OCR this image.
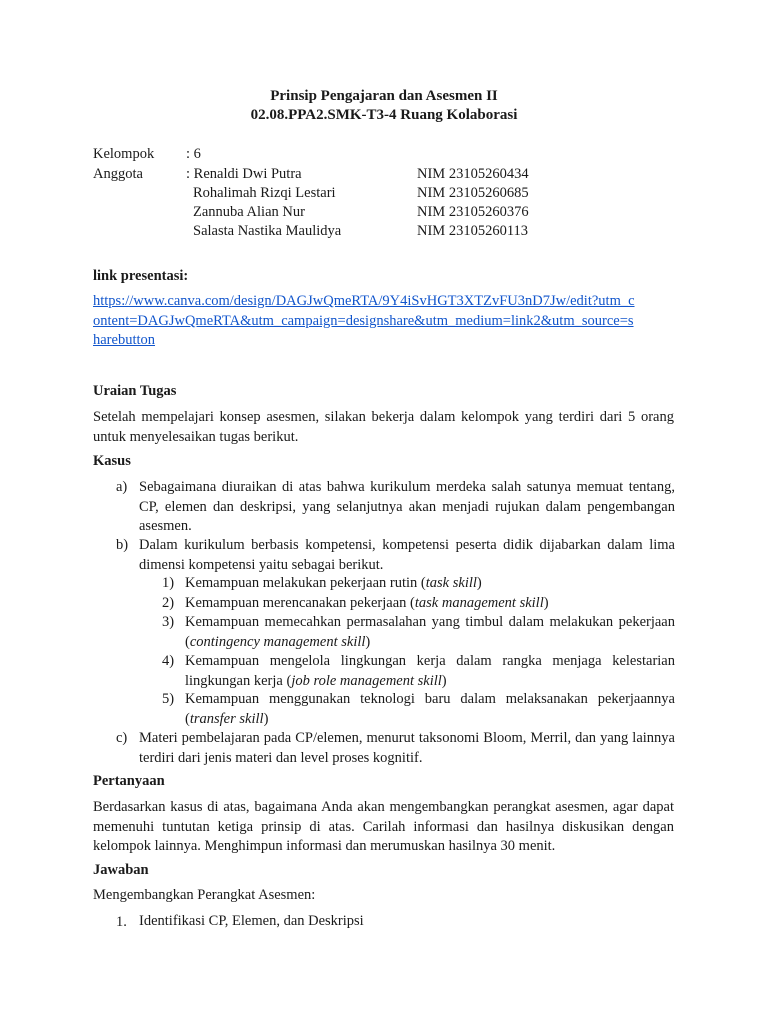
Prinsip Pengajaran dan Asesmen II
02.08.PPA2.SMK-T3-4 Ruang Kolaborasi
Kelompok : 6
Anggota	: Renaldi Dwi Putra	NIM 23105260434
Rohalimah Rizqi Lestari	NIM 23105260685
Zannuba Alian Nur	NIM 23105260376
Salasta Nastika Maulidya	NIM 23105260113
link presentasi:
https://www.canva.com/design/DAGJwQmeRTA/9Y4iSvHGT3XTZvFU3nD7Jw/edit?utm_c
ontent=DAGJwQmeRTA&utm_campaign=designshare&utm_medium=link2&utm_source=s
harebutton
Uraian Tugas
Setelah mempelajari konsep asesmen, silakan bekerja dalam kelompok yang terdiri dari 5 orang untuk menyelesaikan tugas berikut.
Kasus
a) Sebagaimana diuraikan di atas bahwa kurikulum merdeka salah satunya memuat tentang, CP, elemen dan deskripsi, yang selanjutnya akan menjadi rujukan dalam pengembangan asesmen.
b) Dalam kurikulum berbasis kompetensi, kompetensi peserta didik dijabarkan dalam lima dimensi kompetensi yaitu sebagai berikut.
1) Kemampuan melakukan pekerjaan rutin (task skill)
2) Kemampuan merencanakan pekerjaan (task management skill)
3) Kemampuan memecahkan permasalahan yang timbul dalam melakukan pekerjaan (contingency management skill)
4) Kemampuan mengelola lingkungan kerja dalam rangka menjaga kelestarian lingkungan kerja (job role management skill)
5) Kemampuan menggunakan teknologi baru dalam melaksanakan pekerjaannya (transfer skill)
c) Materi pembelajaran pada CP/elemen, menurut taksonomi Bloom, Merril, dan yang lainnya terdiri dari jenis materi dan level proses kognitif.
Pertanyaan
Berdasarkan kasus di atas, bagaimana Anda akan mengembangkan perangkat asesmen, agar dapat memenuhi tuntutan ketiga prinsip di atas. Carilah informasi dan hasilnya diskusikan dengan kelompok lainnya. Menghimpun informasi dan merumuskan hasilnya 30 menit.
Jawaban
Mengembangkan Perangkat Asesmen:
1. Identifikasi CP, Elemen, dan Deskripsi
